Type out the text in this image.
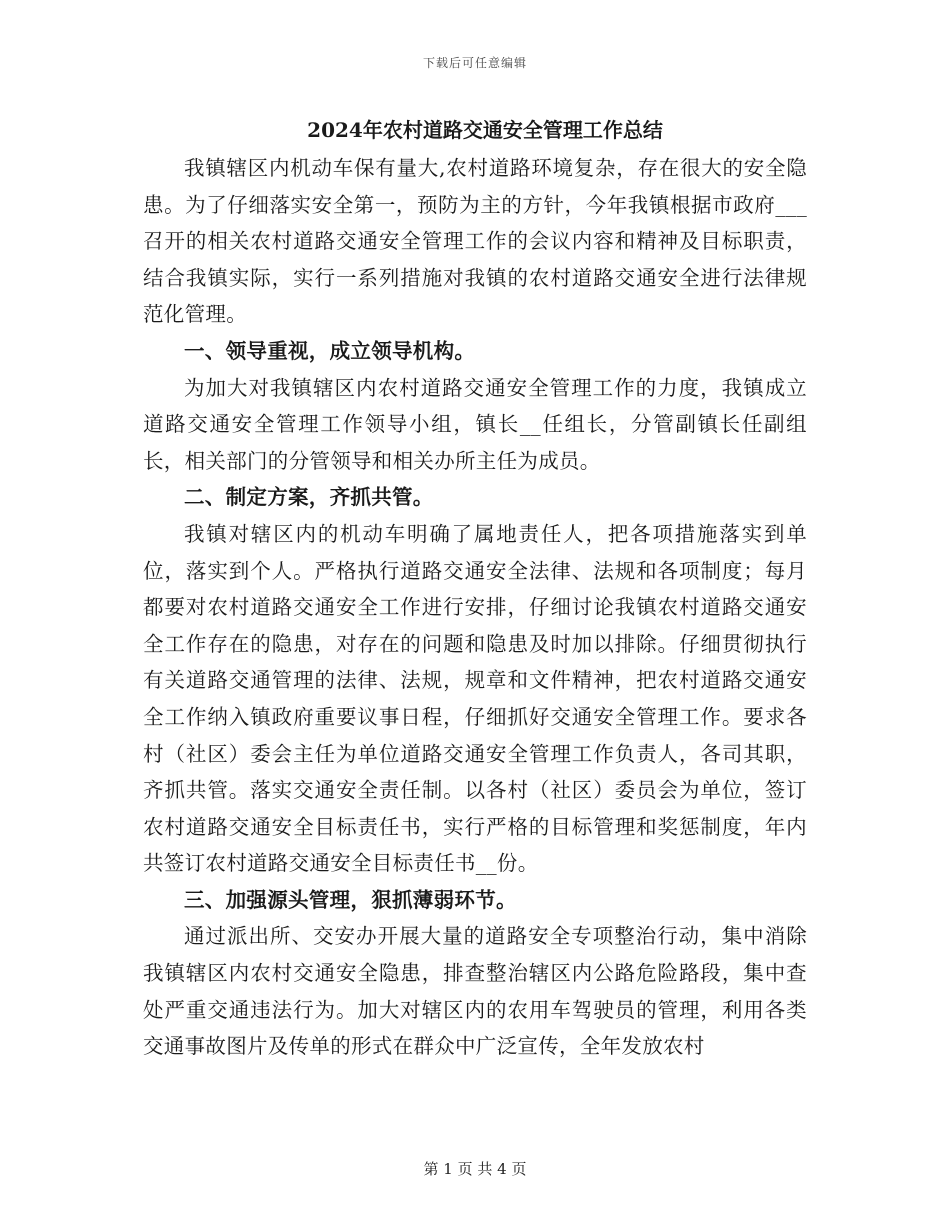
下载后可任意编辑
2024年农村道路交通安全管理工作总结

我镇辖区内机动车保有量大,农村道路环境复杂，存在很大的安全隐患。为了仔细落实安全第一，预防为主的方针，今年我镇根据市政府___召开的相关农村道路交通安全管理工作的会议内容和精神及目标职责，结合我镇实际，实行一系列措施对我镇的农村道路交通安全进行法律规范化管理。

一、领导重视，成立领导机构。

为加大对我镇辖区内农村道路交通安全管理工作的力度，我镇成立道路交通安全管理工作领导小组，镇长__任组长，分管副镇长任副组长，相关部门的分管领导和相关办所主任为成员。

二、制定方案，齐抓共管。

我镇对辖区内的机动车明确了属地责任人，把各项措施落实到单位，落实到个人。严格执行道路交通安全法律、法规和各项制度；每月都要对农村道路交通安全工作进行安排，仔细讨论我镇农村道路交通安全工作存在的隐患，对存在的问题和隐患及时加以排除。仔细贯彻执行有关道路交通管理的法律、法规，规章和文件精神，把农村道路交通安全工作纳入镇政府重要议事日程，仔细抓好交通安全管理工作。要求各村（社区）委会主任为单位道路交通安全管理工作负责人，各司其职，齐抓共管。落实交通安全责任制。以各村（社区）委员会为单位，签订农村道路交通安全目标责任书，实行严格的目标管理和奖惩制度，年内共签订农村道路交通安全目标责任书__份。

三、加强源头管理，狠抓薄弱环节。

通过派出所、交安办开展大量的道路安全专项整治行动，集中消除我镇辖区内农村交通安全隐患，排查整治辖区内公路危险路段，集中查处严重交通违法行为。加大对辖区内的农用车驾驶员的管理，利用各类交通事故图片及传单的形式在群众中广泛宣传，全年发放农村

第 1 页 共 4 页
